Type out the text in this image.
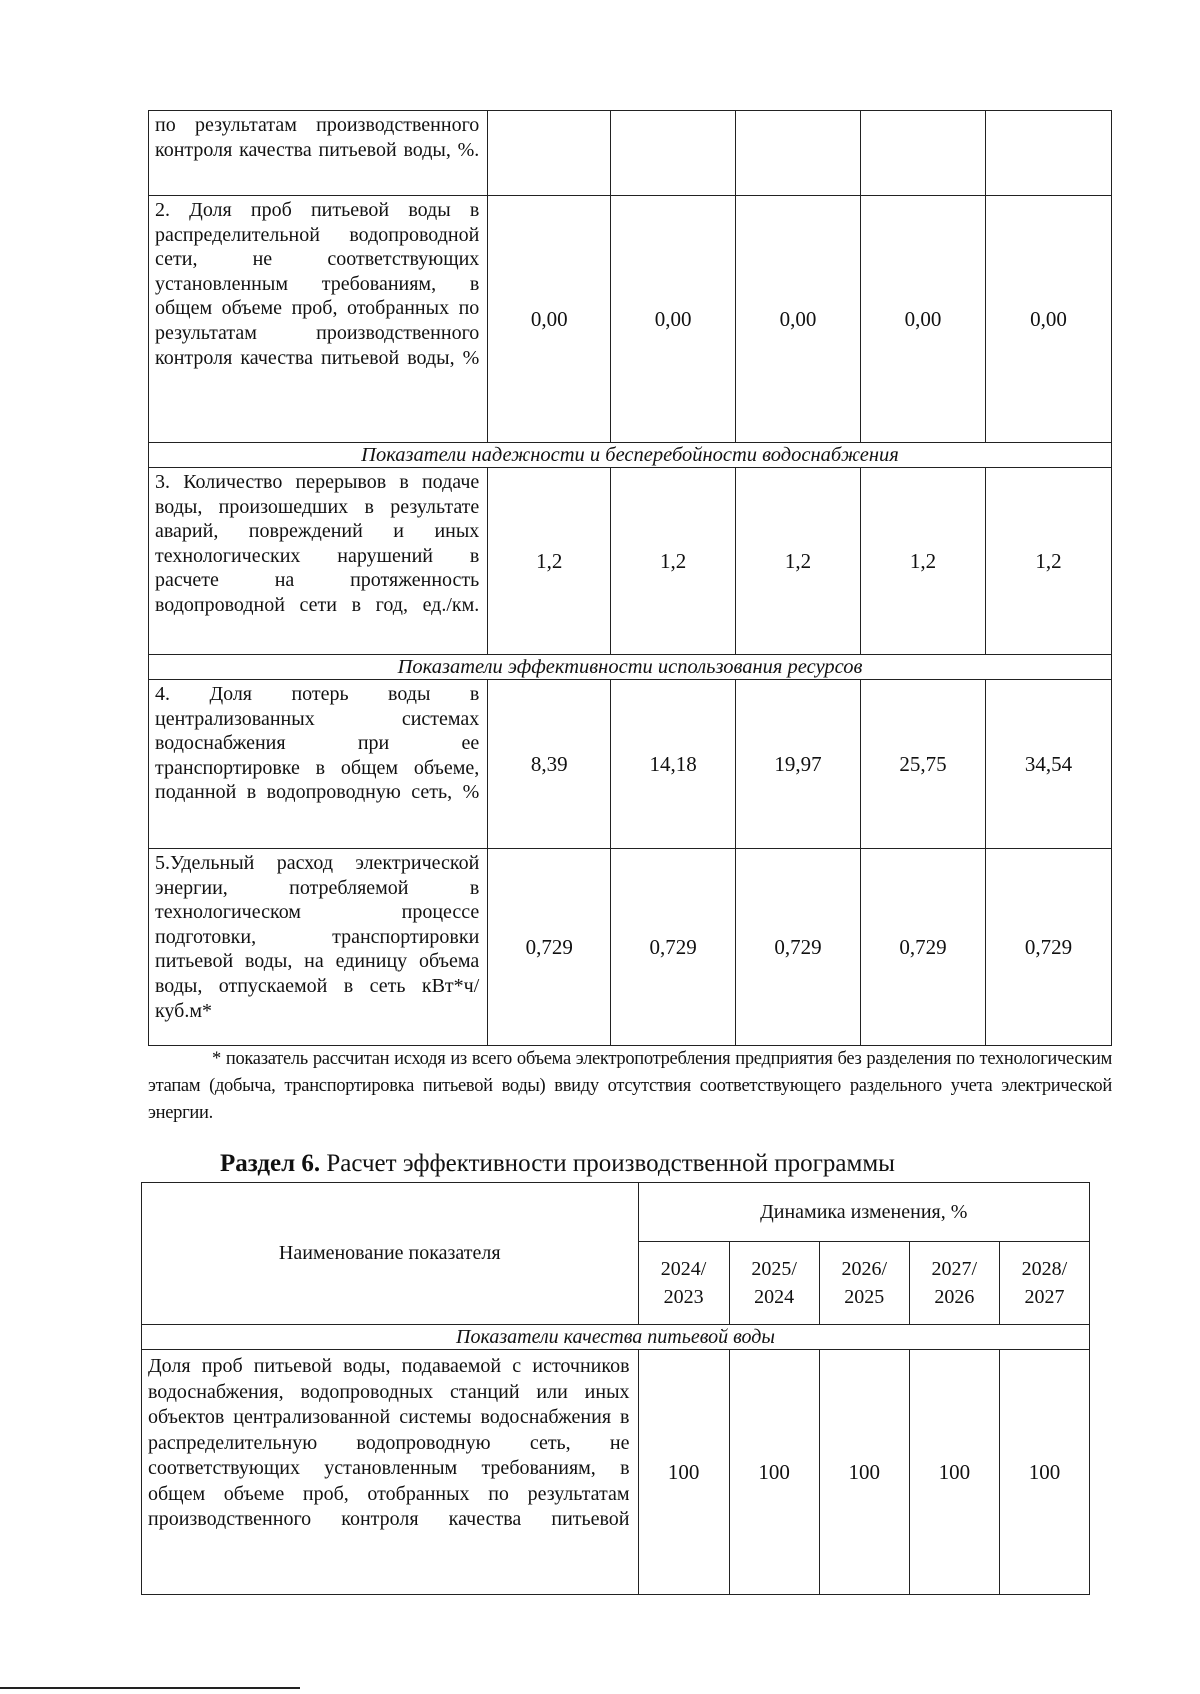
по результатам производственного контроля качества питьевой воды, %.					
2. Доля проб питьевой воды в распределительной водопроводной сети, не соответствующих установленным требованиям, в общем объеме проб, отобранных по результатам производственного контроля качества питьевой воды, %	0,00	0,00	0,00	0,00	0,00
Показатели надежности и бесперебойности водоснабжения					
3. Количество перерывов в подаче воды, произошедших в результате аварий, повреждений и иных технологических нарушений в расчете на протяженность водопроводной сети в год, ед./км.	1,2	1,2	1,2	1,2	1,2
Показатели эффективности использования ресурсов					
4. Доля потерь воды в централизованных системах водоснабжения при ее транспортировке в общем объеме, поданной в водопроводную сеть, %	8,39	14,18	19,97	25,75	34,54
5.Удельный расход электрической энергии, потребляемой в технологическом процессе подготовки, транспортировки питьевой воды, на единицу объема воды, отпускаемой в сеть кВт*ч/куб.м*	0,729	0,729	0,729	0,729	0,729
* показатель рассчитан исходя из всего объема электропотребления предприятия без разделения по технологическим этапам (добыча, транспортировка питьевой воды) ввиду отсутствия соответствующего раздельного учета электрической энергии.
Раздел 6. Расчет эффективности производственной программы
Наименование показателя	Динамика изменения, %				
	2024/ 2023	2025/ 2024	2026/ 2025	2027/ 2026	2028/ 2027
Показатели качества питьевой воды					
Доля проб питьевой воды, подаваемой с источников водоснабжения, водопроводных станций или иных объектов централизованной системы водоснабжения в распределительную водопроводную сеть, не соответствующих установленным требованиям, в общем объеме проб, отобранных по результатам производственного контроля качества питьевой	100	100	100	100	100
